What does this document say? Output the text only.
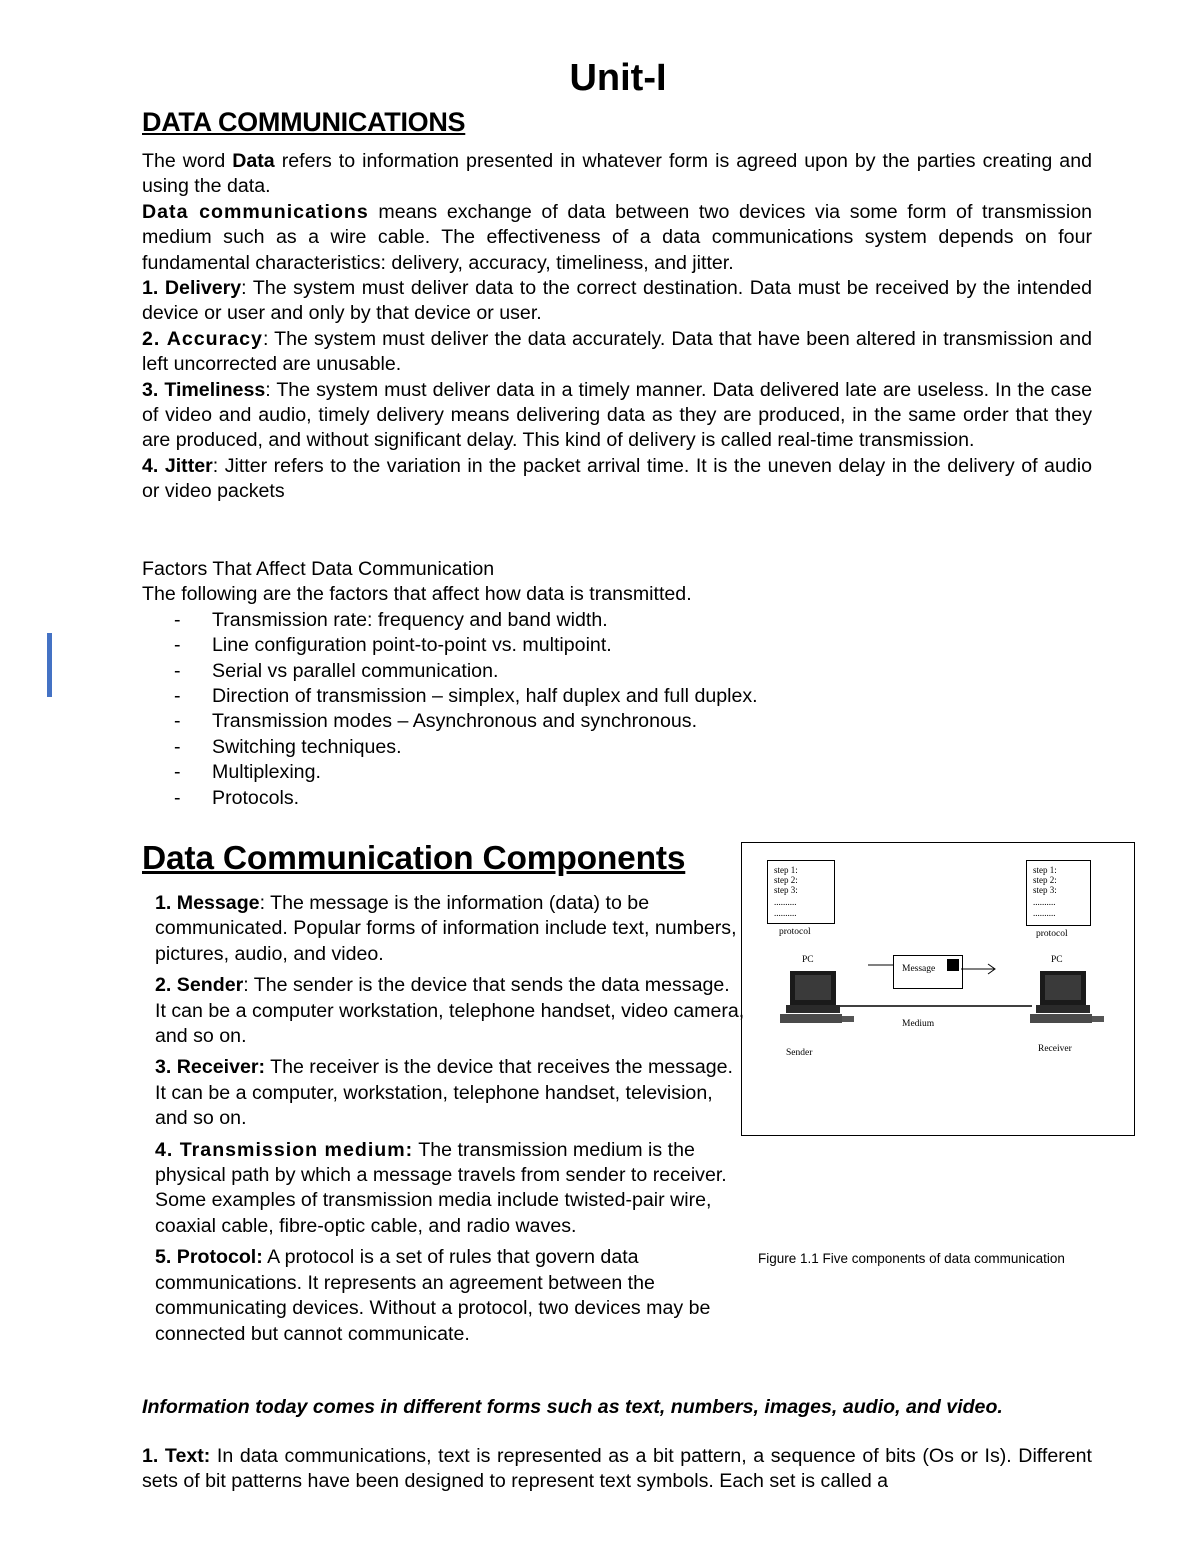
Unit-I
DATA COMMUNICATIONS

The word Data refers to information presented in whatever form is agreed upon by the parties creating and using the data.

Data communications means exchange of data between two devices via some form of transmission medium such as a wire cable. The effectiveness of a data communications system depends on four fundamental characteristics: delivery, accuracy, timeliness, and jitter.

1. Delivery: The system must deliver data to the correct destination. Data must be received by the intended device or user and only by that device or user.

2. Accuracy: The system must deliver the data accurately. Data that have been altered in transmission and left uncorrected are unusable.

3. Timeliness: The system must deliver data in a timely manner. Data delivered late are useless. In the case of video and audio, timely delivery means delivering data as they are produced, in the same order that they are produced, and without significant delay. This kind of delivery is called real-time transmission.

4. Jitter: Jitter refers to the variation in the packet arrival time. It is the uneven delay in the delivery of audio or video packets

Factors That Affect Data Communication

The following are the factors that affect how data is transmitted.

- Transmission rate: frequency and band width.
- Line configuration point-to-point vs. multipoint.
- Serial vs parallel communication.
- Direction of transmission – simplex, half duplex and full duplex.
- Transmission modes – Asynchronous and synchronous.
- Switching techniques.
- Multiplexing.
- Protocols.
Data Communication Components

1. Message: The message is the information (data) to be communicated. Popular forms of information include text, numbers, pictures, audio, and video.

2. Sender: The sender is the device that sends the data message. It can be a computer workstation, telephone handset, video camera, and so on.

3. Receiver: The receiver is the device that receives the message. It can be a computer, workstation, telephone handset, television, and so on.

4. Transmission medium: The transmission medium is the physical path by which a message travels from sender to receiver. Some examples of transmission media include twisted-pair wire, coaxial cable, fibre-optic cable, and radio waves.

5. Protocol: A protocol is a set of rules that govern data communications. It represents an agreement between the communicating devices. Without a protocol, two devices may be connected but cannot communicate.

step 1:
step 2:
step 3:
..........
..........
protocol
step 1:
step 2:
step 3:
..........
..........
protocol
PC	PC
Message
Medium
Sender	Receiver
Figure 1.1 Five components of data communication
Information today comes in different forms such as text, numbers, images, audio, and video.

1. Text: In data communications, text is represented as a bit pattern, a sequence of bits (Os or Is). Different sets of bit patterns have been designed to represent text symbols. Each set is called a
